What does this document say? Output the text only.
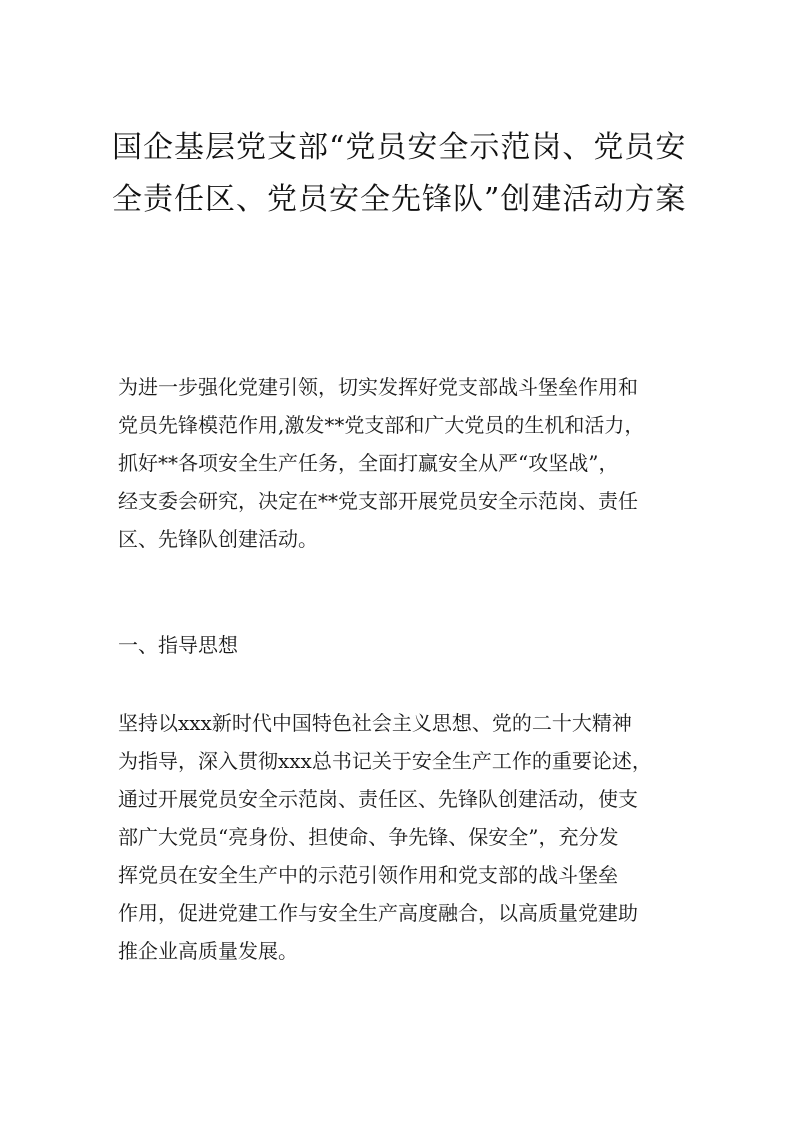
国企基层党支部“党员安全示范岗、党员安
全责任区、党员安全先锋队”创建活动方案

为进一步强化党建引领，切实发挥好党支部战斗堡垒作用和
党员先锋模范作用,激发**党支部和广大党员的生机和活力，
抓好**各项安全生产任务，全面打赢安全从严“攻坚战”，
经支委会研究，决定在**党支部开展党员安全示范岗、责任
区、先锋队创建活动。

一、指导思想

坚持以xxx新时代中国特色社会主义思想、党的二十大精神
为指导，深入贯彻xxx总书记关于安全生产工作的重要论述，
通过开展党员安全示范岗、责任区、先锋队创建活动，使支
部广大党员“亮身份、担使命、争先锋、保安全”，充分发
挥党员在安全生产中的示范引领作用和党支部的战斗堡垒
作用，促进党建工作与安全生产高度融合，以高质量党建助
推企业高质量发展。
